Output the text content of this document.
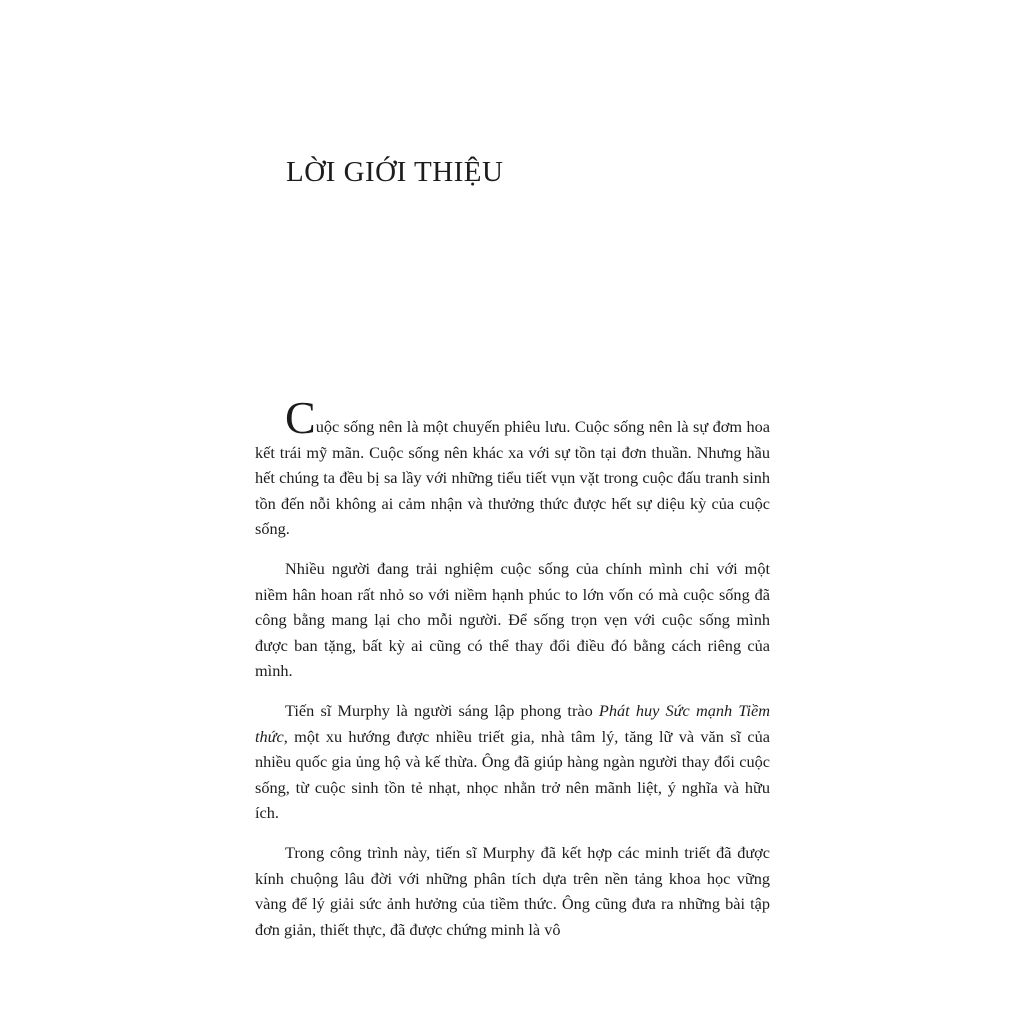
LỜI GIỚI THIỆU

Cuộc sống nên là một chuyến phiêu lưu. Cuộc sống nên là sự đơm hoa kết trái mỹ mãn. Cuộc sống nên khác xa với sự tồn tại đơn thuần. Nhưng hầu hết chúng ta đều bị sa lầy với những tiểu tiết vụn vặt trong cuộc đấu tranh sinh tồn đến nỗi không ai cảm nhận và thưởng thức được hết sự diệu kỳ của cuộc sống.

Nhiều người đang trải nghiệm cuộc sống của chính mình chỉ với một niềm hân hoan rất nhỏ so với niềm hạnh phúc to lớn vốn có mà cuộc sống đã công bằng mang lại cho mỗi người. Để sống trọn vẹn với cuộc sống mình được ban tặng, bất kỳ ai cũng có thể thay đổi điều đó bằng cách riêng của mình.

Tiến sĩ Murphy là người sáng lập phong trào Phát huy Sức mạnh Tiềm thức, một xu hướng được nhiều triết gia, nhà tâm lý, tăng lữ và văn sĩ của nhiều quốc gia ủng hộ và kế thừa. Ông đã giúp hàng ngàn người thay đổi cuộc sống, từ cuộc sinh tồn tẻ nhạt, nhọc nhằn trở nên mãnh liệt, ý nghĩa và hữu ích.

Trong công trình này, tiến sĩ Murphy đã kết hợp các minh triết đã được kính chuộng lâu đời với những phân tích dựa trên nền tảng khoa học vững vàng để lý giải sức ảnh hưởng của tiềm thức. Ông cũng đưa ra những bài tập đơn giản, thiết thực, đã được chứng minh là vô
